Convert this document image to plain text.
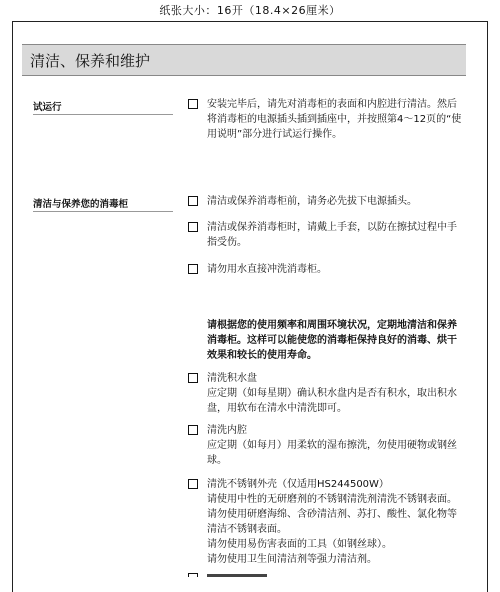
纸张大小：16开（18.4×26厘米）
清洁、保养和维护
试运行	安装完毕后，请先对消毒柜的表面和内腔进行清洁。然后
将消毒柜的电源插头插到插座中，并按照第4～12页的“使
用说明”部分进行试运行操作。
清洁与保养您的消毒柜	清洁或保养消毒柜前，请务必先拔下电源插头。
清洁或保养消毒柜时，请戴上手套，以防在擦拭过程中手
指受伤。
请勿用水直接冲洗消毒柜。
请根据您的使用频率和周围环境状况，定期地清洁和保养
消毒柜。这样可以能使您的消毒柜保持良好的消毒、烘干
效果和较长的使用寿命。
清洗积水盘
应定期（如每星期）确认积水盘内是否有积水，取出积水
盘，用软布在清水中清洗即可。
清洗内腔
应定期（如每月）用柔软的湿布擦洗，勿使用硬物或钢丝
球。
清洗不锈钢外壳（仅适用HS244500W）
请使用中性的无研磨剂的不锈钢清洗剂清洗不锈钢表面。
请勿使用研磨海绵、含砂清洁剂、苏打、酸性、氯化物等
清洁不锈钢表面。
请勿使用易伤害表面的工具（如钢丝球）。
请勿使用卫生间清洁剂等强力清洁剂。
